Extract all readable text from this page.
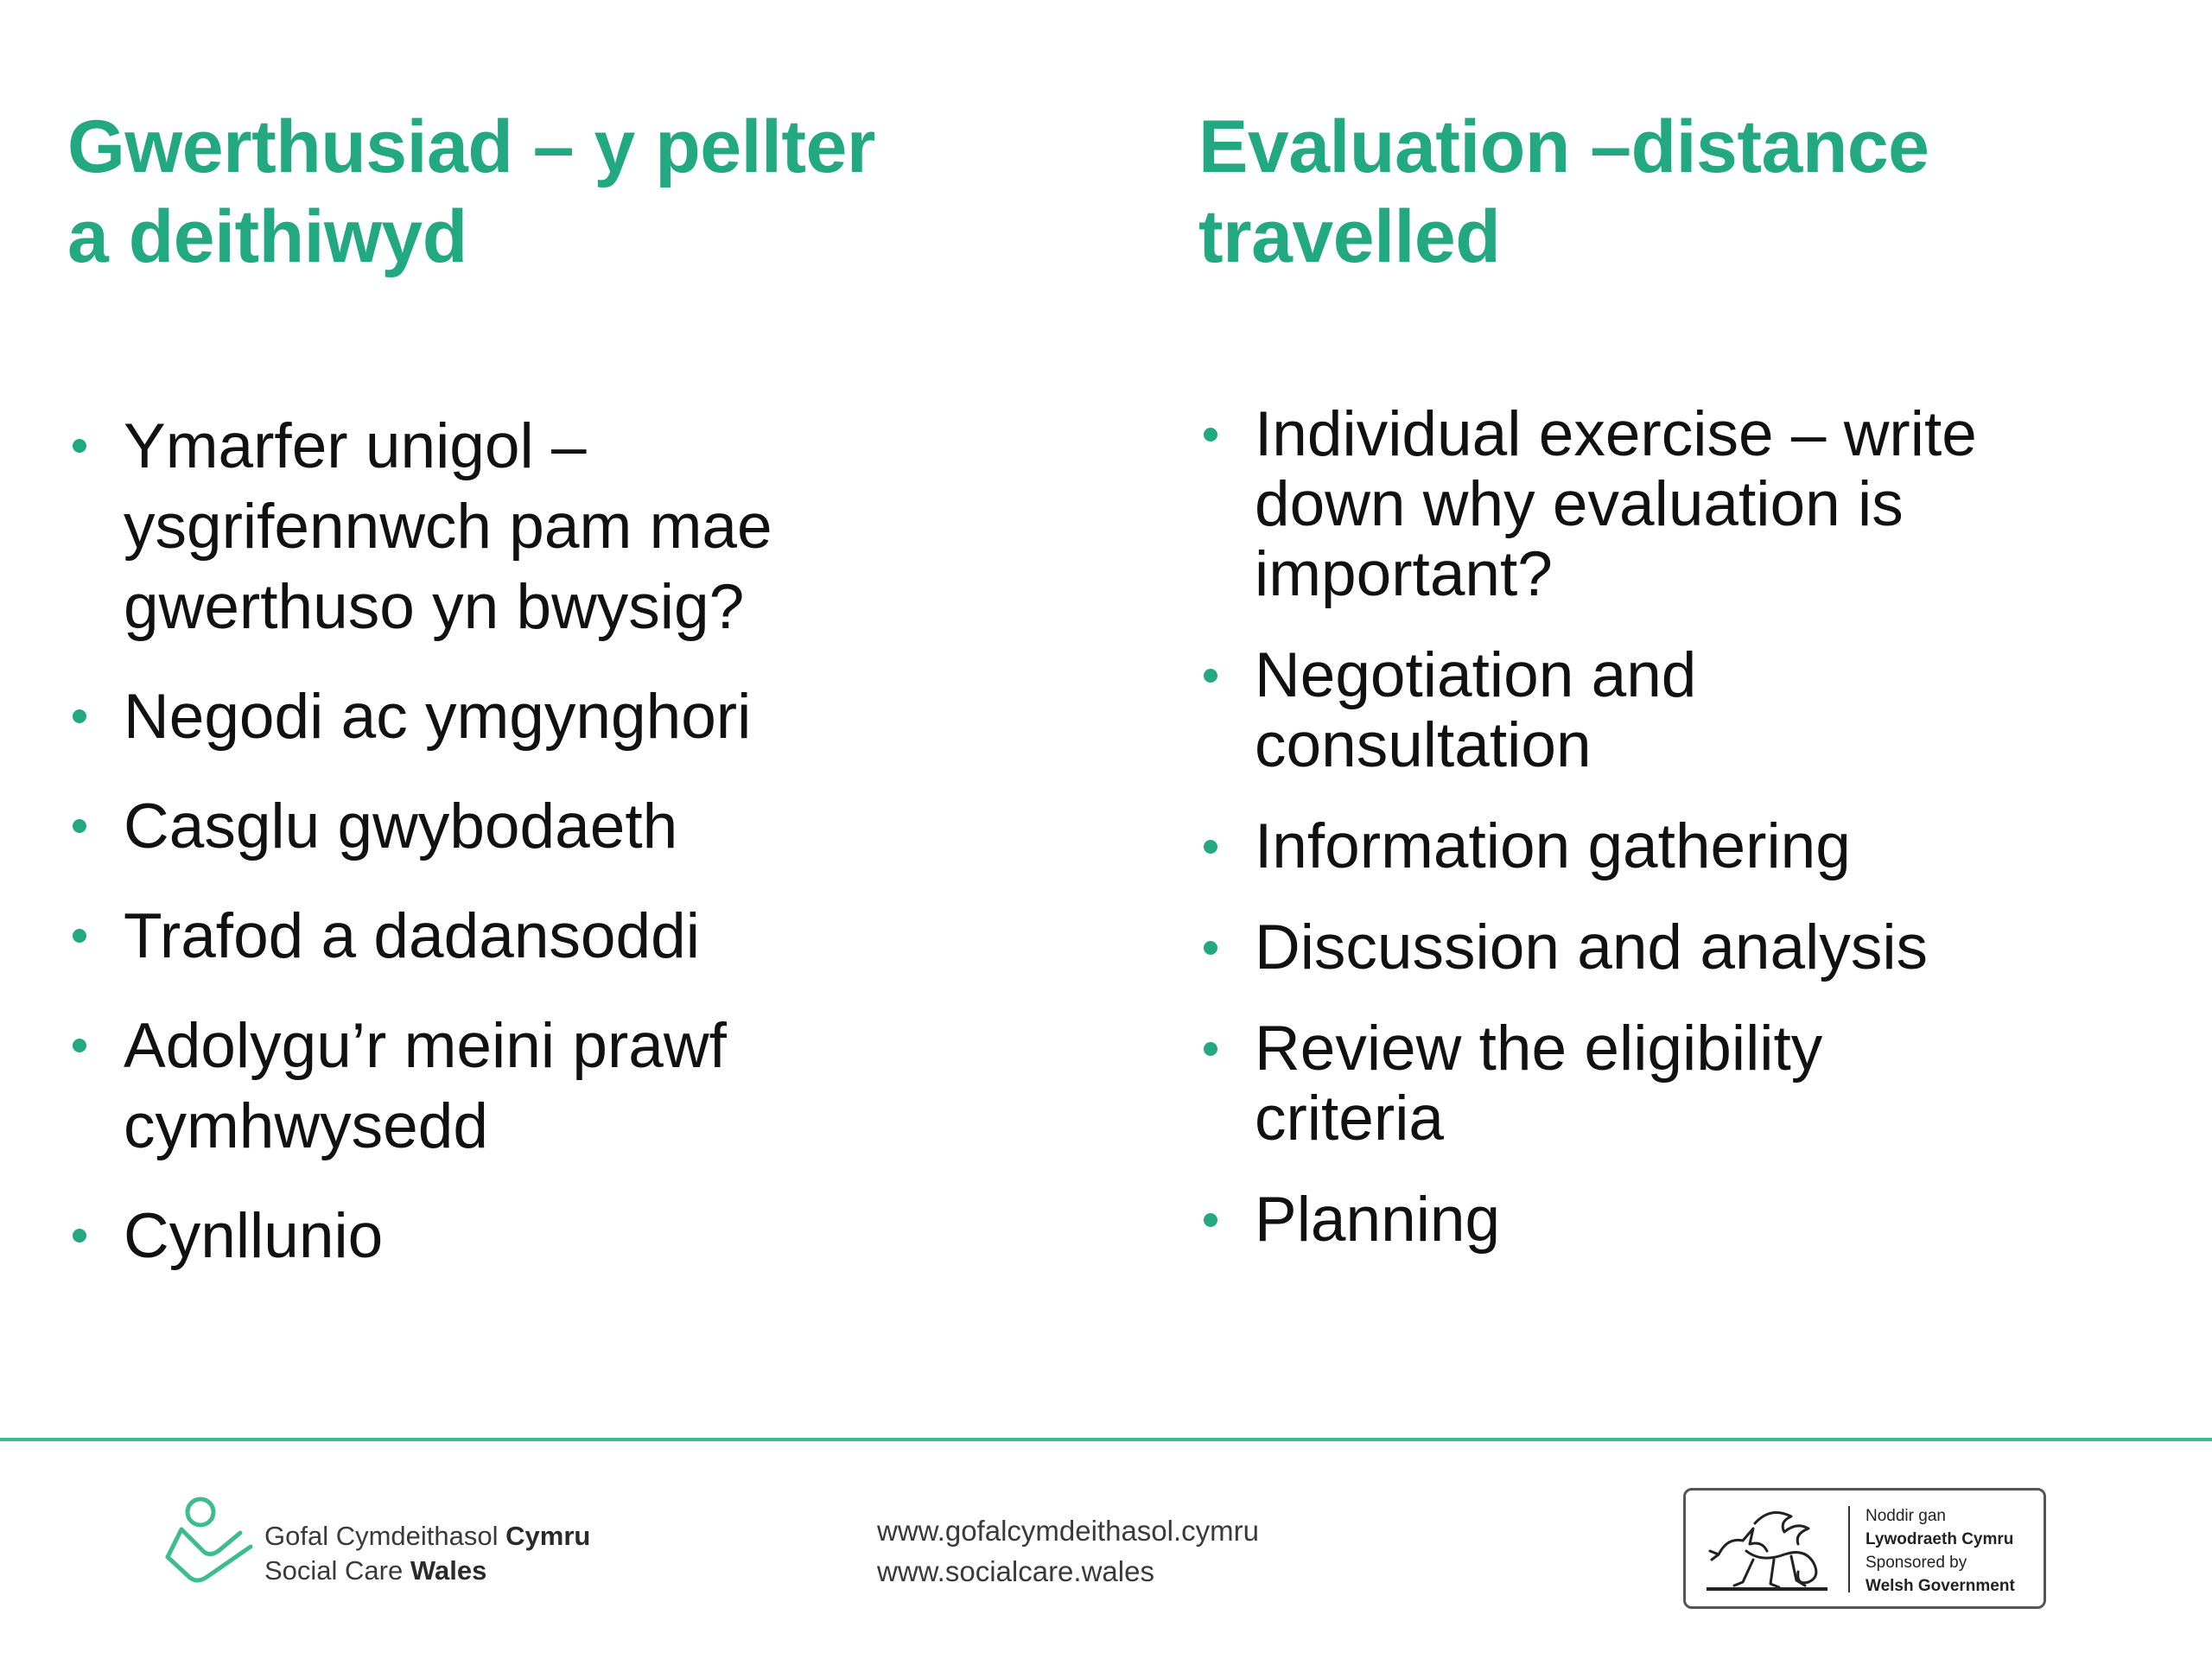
Gwerthusiad – y pellter
a deithiwyd
Ymarfer unigol –
ysgrifennwch pam mae
gwerthuso yn bwysig?
Negodi ac ymgynghori
Casglu gwybodaeth
Trafod a dadansoddi
Adolygu’r meini prawf
cymhwysedd
Cynllunio
Evaluation –distance
travelled
Individual exercise – write
down why evaluation is
important?
Negotiation and
consultation
Information gathering
Discussion and analysis
Review the eligibility
criteria
Planning
Gofal Cymdeithasol Cymru
Social Care Wales
www.gofalcymdeithasol.cymru
www.socialcare.wales
Noddir gan
Lywodraeth Cymru
Sponsored by
Welsh Government
